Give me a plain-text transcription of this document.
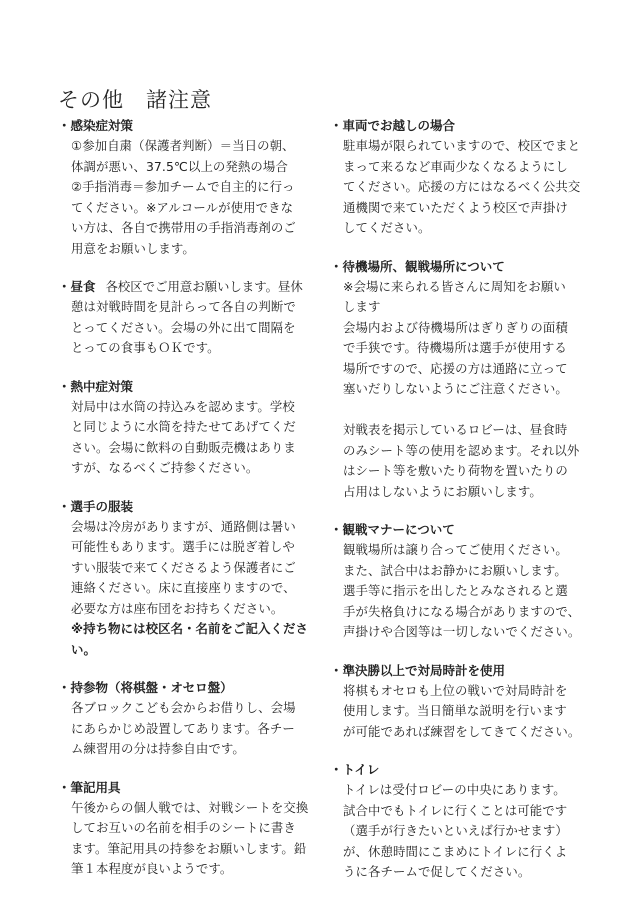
その他　諸注意

・感染症対策

①参加自粛（保護者判断）＝当日の朝、

体調が悪い、37.5℃以上の発熱の場合

②手指消毒＝参加チームで自主的に行っ

てください。※アルコールが使用できな

い方は、各自で携帯用の手指消毒剤のご

用意をお願いします。

・昼食 各校区でご用意お願いします。昼休

憩は対戦時間を見計らって各自の判断で

とってください。会場の外に出て間隔を

とっての食事もＯＫです。

・熱中症対策

対局中は水筒の持込みを認めます。学校

と同じように水筒を持たせてあげてくだ

さい。会場に飲料の自動販売機はありま

すが、なるべくご持参ください。

・選手の服装

会場は冷房がありますが、通路側は暑い

可能性もあります。選手には脱ぎ着しや

すい服装で来てくださるよう保護者にご

連絡ください。床に直接座りますので、

必要な方は座布団をお持ちください。

※持ち物には校区名・名前をご記入くださ

い。

・持参物（将棋盤・オセロ盤）

各ブロックこども会からお借りし、会場

にあらかじめ設置してあります。各チー

ム練習用の分は持参自由です。

・筆記用具

午後からの個人戦では、対戦シートを交換

してお互いの名前を相手のシートに書き

ます。筆記用具の持参をお願いします。鉛

筆１本程度が良いようです。

・車両でお越しの場合

駐車場が限られていますので、校区でまと

まって来るなど車両少なくなるようにし

てください。応援の方にはなるべく公共交

通機関で来ていただくよう校区で声掛け

してください。

・待機場所、観戦場所について

※会場に来られる皆さんに周知をお願い

します

会場内および待機場所はぎりぎりの面積

で手狭です。待機場所は選手が使用する

場所ですので、応援の方は通路に立って

塞いだりしないようにご注意ください。

対戦表を掲示しているロビーは、昼食時

のみシート等の使用を認めます。それ以外

はシート等を敷いたり荷物を置いたりの

占用はしないようにお願いします。

・観戦マナーについて

観戦場所は譲り合ってご使用ください。

また、試合中はお静かにお願いします。

選手等に指示を出したとみなされると選

手が失格負けになる場合がありますので、

声掛けや合図等は一切しないでください。

・準決勝以上で対局時計を使用

将棋もオセロも上位の戦いで対局時計を

使用します。当日簡単な説明を行います

が可能であれば練習をしてきてください。

・トイレ

トイレは受付ロビーの中央にあります。

試合中でもトイレに行くことは可能です

（選手が行きたいといえば行かせます）

が、休憩時間にこまめにトイレに行くよ

うに各チームで促してください。
